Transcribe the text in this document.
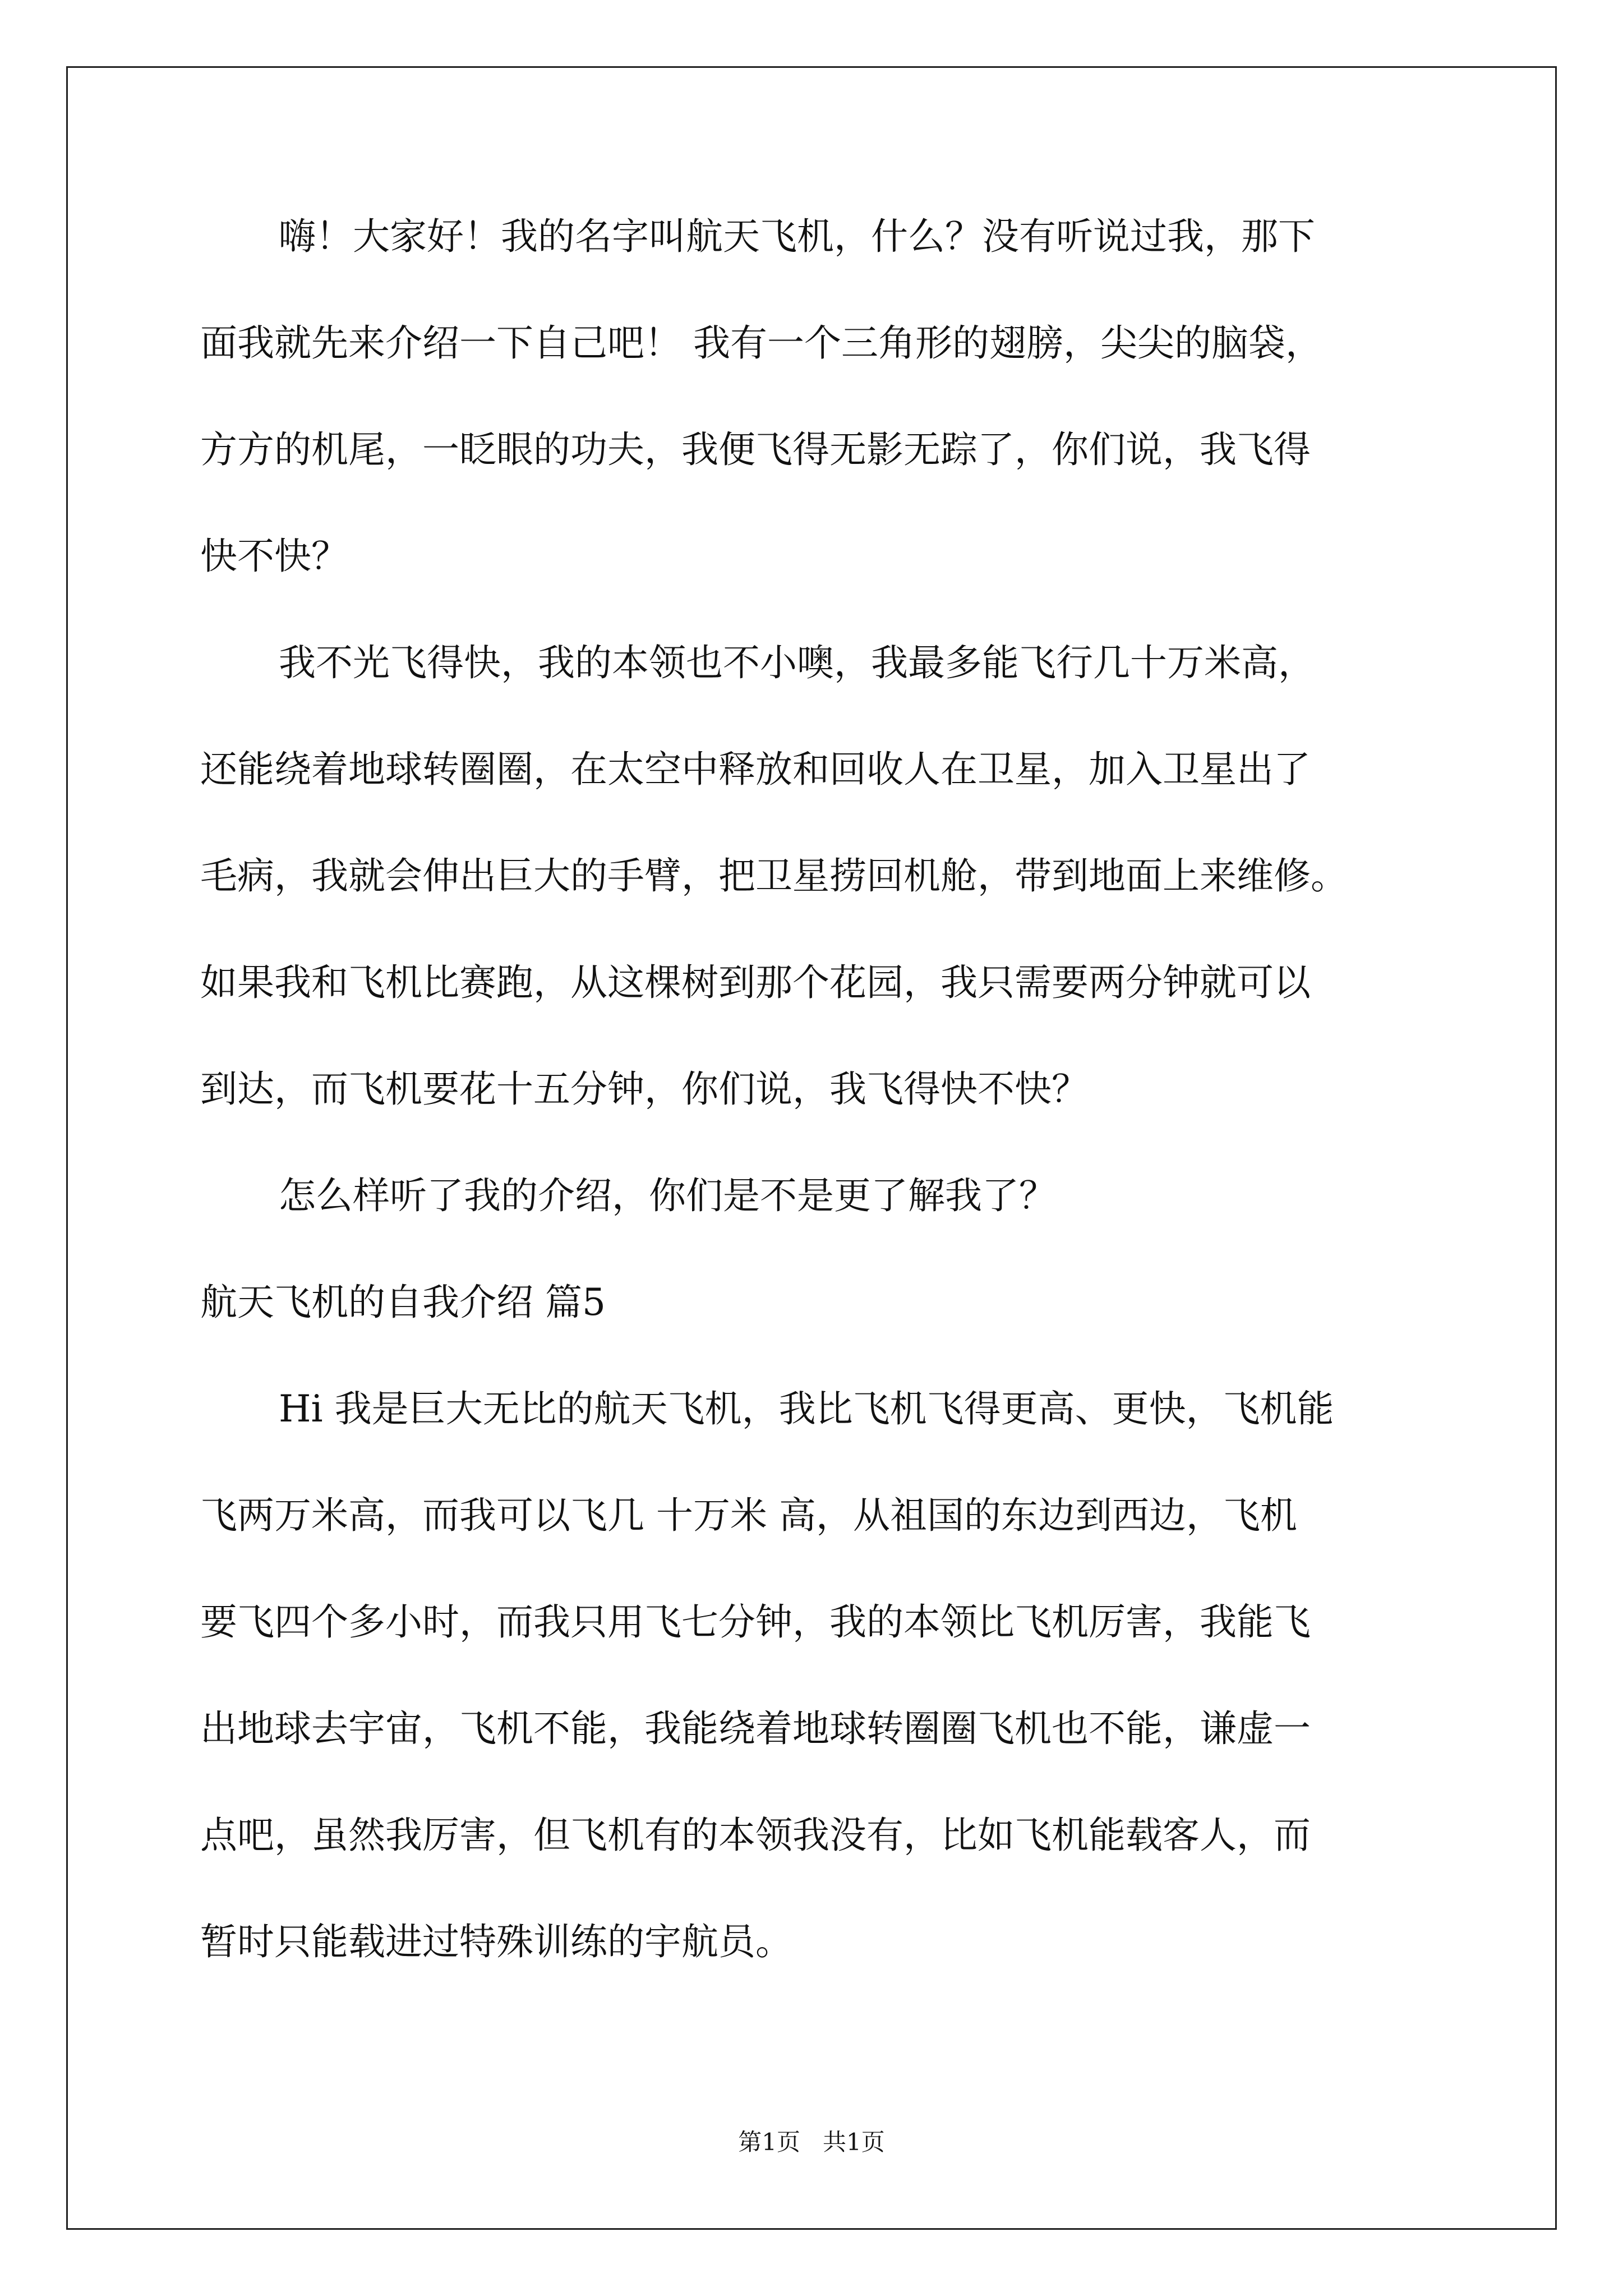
嗨！大家好！我的名字叫航天飞机，什么？没有听说过我，那下
面我就先来介绍一下自己吧！ 我有一个三角形的翅膀，尖尖的脑袋，
方方的机尾，一眨眼的功夫，我便飞得无影无踪了，你们说，我飞得
快不快？
我不光飞得快，我的本领也不小噢，我最多能飞行几十万米高，
还能绕着地球转圈圈，在太空中释放和回收人在卫星，加入卫星出了
毛病，我就会伸出巨大的手臂，把卫星捞回机舱，带到地面上来维修。
如果我和飞机比赛跑，从这棵树到那个花园，我只需要两分钟就可以
到达，而飞机要花十五分钟，你们说，我飞得快不快？
怎么样听了我的介绍，你们是不是更了解我了？
航天飞机的自我介绍 篇5
Hi 我是巨大无比的航天飞机，我比飞机飞得更高、更快，飞机能
飞两万米高，而我可以飞几 十万米 高，从祖国的东边到西边，飞机
要飞四个多小时，而我只用飞七分钟，我的本领比飞机厉害，我能飞
出地球去宇宙，飞机不能，我能绕着地球转圈圈飞机也不能，谦虚一
点吧，虽然我厉害，但飞机有的本领我没有，比如飞机能载客人，而
暂时只能载进过特殊训练的宇航员。
第1页   共1页
